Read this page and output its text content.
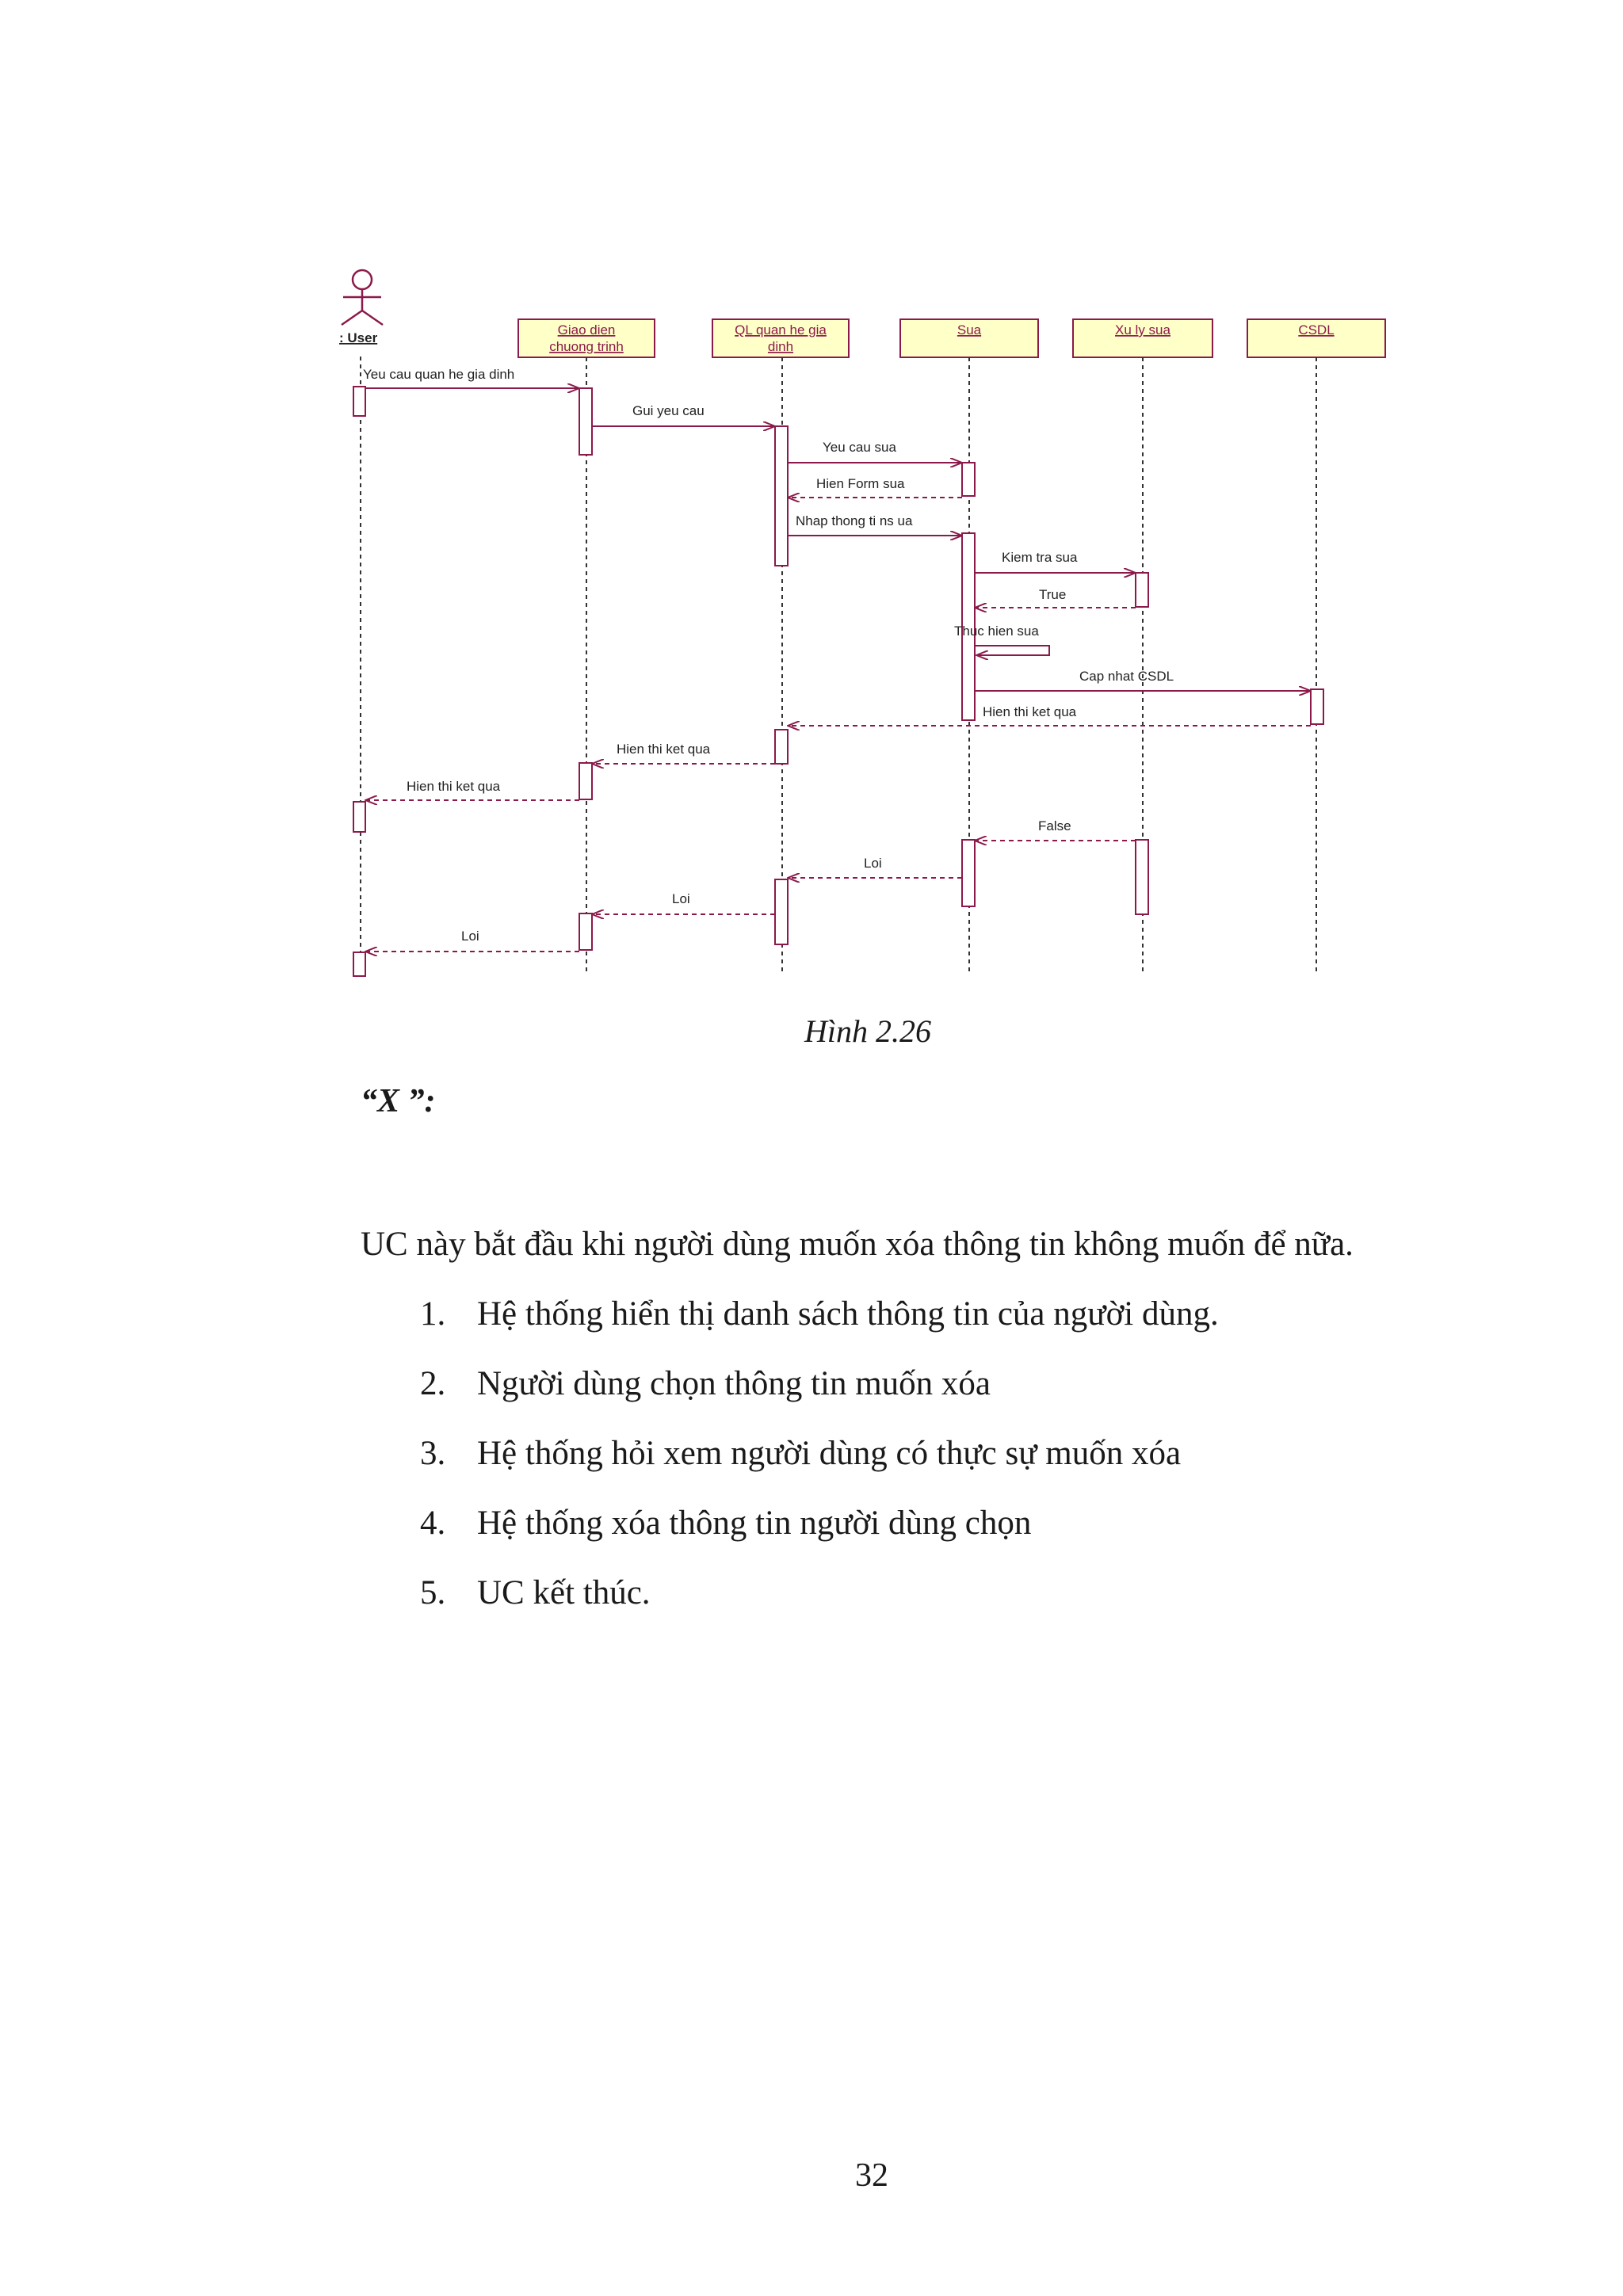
: User
Giao dien
chuong trinh
QL quan he gia
dinh
Sua	Xu ly sua	CSDL
Yeu cau quan he gia dinh
Gui yeu cau
Yeu cau sua
Hien Form sua
Nhap thong ti ns ua
Kiem tra sua
True
Thuc hien sua
Cap nhat CSDL
Hien thi ket qua
Hien thi ket qua
Hien thi ket qua
False
Loi
Loi
Loi
Hình 2.26
“X ”:
UC này bắt đầu khi người dùng muốn xóa thông tin không muốn để nữa.
1. Hệ thống hiển thị danh sách thông tin của người dùng.
2. Người dùng chọn thông tin muốn xóa
3. Hệ thống hỏi xem người dùng có thực sự muốn xóa
4. Hệ thống xóa thông tin người dùng chọn
5. UC kết thúc.
32
